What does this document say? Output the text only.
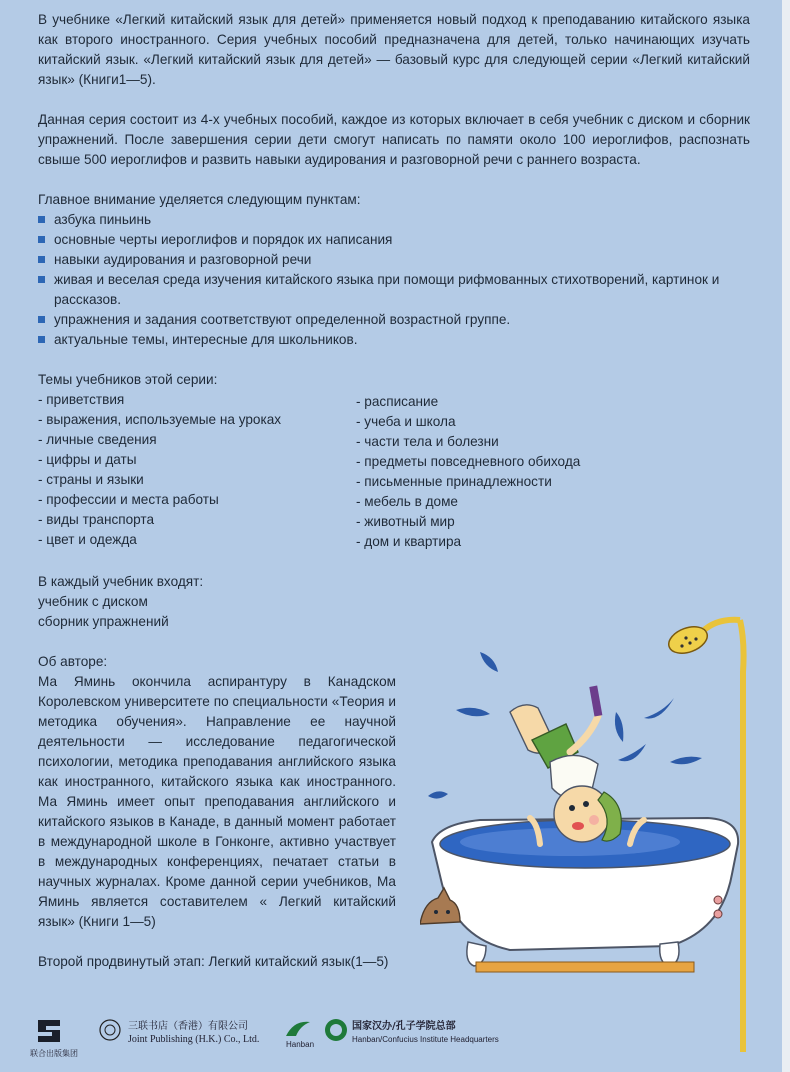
В учебнике «Легкий китайский язык для детей» применяется новый подход к преподаванию китайского языка как второго иностранного. Серия учебных пособий предназначена для детей, только начинающих изучать китайский язык. «Легкий китайский язык для детей» — базовый курс для следующей серии «Легкий китайский язык» (Книги1—5).

Данная серия состоит из 4-х учебных пособий, каждое из которых включает в себя учебник с диском и сборник упражнений. После завершения серии дети смогут написать по памяти около 100 иероглифов, распознать свыше 500 иероглифов и развить навыки аудирования и разговорной речи с раннего возраста.

Главное внимание уделяется следующим пунктам:

азбука пиньинь
основные черты иероглифов и порядок их написания
навыки аудирования и разговорной речи
живая и веселая среда изучения китайского языка при помощи рифмованных стихотворений, картинок и рассказов.
упражнения и задания соответствуют определенной возрастной группе.
актуальные темы, интересные для школьников.

Темы учебников этой серии:

- приветствия
- выражения, используемые на уроках
- личные сведения
- цифры и даты
- страны и языки
- профессии и места работы
- виды транспорта
- цвет и одежда
- расписание
- учеба и школа
- части тела и болезни
- предметы повседневного обихода
- письменные принадлежности
- мебель в доме
- животный мир
- дом и квартира

В каждый учебник входят:

учебник с диском
сборник упражнений

Об авторе:

Ма Яминь окончила аспирантуру в Канадском Королевском университете по специальности «Теория и методика обучения». Направление ее научной деятельности — исследование педагогической психологии, методика преподавания английского языка как иностранного, китайского языка как иностранного. Ма Яминь имеет опыт преподавания английского и китайского языков в Канаде, в данный момент работает в международной школе в Гонконге, активно участвует в международных конференциях, печатает статьи в научных журналах. Кроме данной серии учебников, Ма Яминь является составителем « Легкий китайский язык» (Книги 1—5)

Второй продвинутый этап: Легкий китайский язык(1—5)

联合出版集团
三联书店（香港）有限公司
Joint Publishing (H.K.) Co., Ltd.	Hanban
国家汉办/孔子学院总部
Hanban/Confucius Institute Headquarters
